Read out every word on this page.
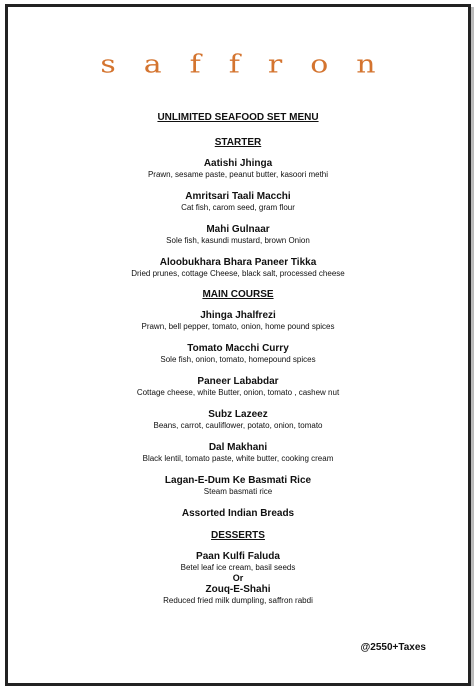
saffron
UNLIMITED SEAFOOD SET MENU
STARTER
Aatishi Jhinga
Prawn, sesame paste, peanut butter, kasoori methi
Amritsari Taali Macchi
Cat fish, carom seed, gram flour
Mahi Gulnaar
Sole fish, kasundi mustard, brown Onion
Aloobukhara Bhara Paneer Tikka
Dried prunes, cottage Cheese, black salt, processed cheese
MAIN COURSE
Jhinga Jhalfrezi
Prawn, bell pepper, tomato, onion, home pound spices
Tomato Macchi Curry
Sole fish, onion, tomato, homepound spices
Paneer Lababdar
Cottage cheese, white Butter, onion, tomato , cashew nut
Subz Lazeez
Beans, carrot, cauliflower, potato, onion, tomato
Dal Makhani
Black lentil, tomato paste, white butter, cooking cream
Lagan-E-Dum Ke Basmati Rice
Steam basmati rice
Assorted Indian Breads
DESSERTS
Paan Kulfi Faluda
Betel leaf ice cream, basil seeds
Or
Zouq-E-Shahi
Reduced fried milk dumpling, saffron rabdi
@2550+Taxes
